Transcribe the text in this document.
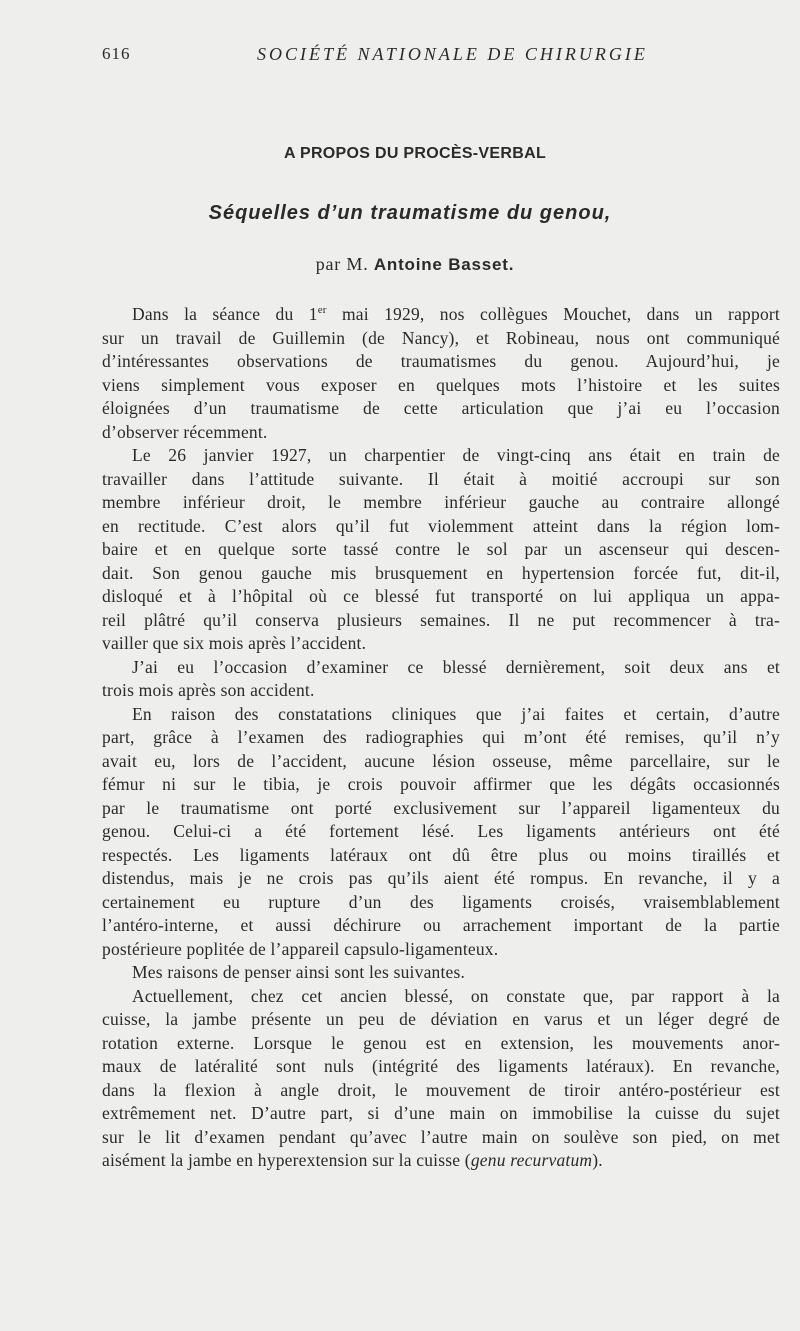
616	SOCIÉTÉ NATIONALE DE CHIRURGIE
A PROPOS DU PROCÈS-VERBAL
Séquelles d’un traumatisme du genou,
par M. Antoine Basset.
Dans la séance du 1er mai 1929, nos collègues Mouchet, dans un rapport
sur un travail de Guillemin (de Nancy), et Robineau, nous ont communiqué
d’intéressantes observations de traumatismes du genou. Aujourd’hui, je
viens simplement vous exposer en quelques mots l’histoire et les suites
éloignées d’un traumatisme de cette articulation que j’ai eu l’occasion
d’observer récemment.
Le 26 janvier 1927, un charpentier de vingt-cinq ans était en train de
travailler dans l’attitude suivante. Il était à moitié accroupi sur son
membre inférieur droit, le membre inférieur gauche au contraire allongé
en rectitude. C’est alors qu’il fut violemment atteint dans la région lom-
baire et en quelque sorte tassé contre le sol par un ascenseur qui descen-
dait. Son genou gauche mis brusquement en hypertension forcée fut, dit-il,
disloqué et à l’hôpital où ce blessé fut transporté on lui appliqua un appa-
reil plâtré qu’il conserva plusieurs semaines. Il ne put recommencer à tra-
vailler que six mois après l’accident.
J’ai eu l’occasion d’examiner ce blessé dernièrement, soit deux ans et
trois mois après son accident.
En raison des constatations cliniques que j’ai faites et certain, d’autre
part, grâce à l’examen des radiographies qui m’ont été remises, qu’il n’y
avait eu, lors de l’accident, aucune lésion osseuse, même parcellaire, sur le
fémur ni sur le tibia, je crois pouvoir affirmer que les dégâts occasionnés
par le traumatisme ont porté exclusivement sur l’appareil ligamenteux du
genou. Celui-ci a été fortement lésé. Les ligaments antérieurs ont été
respectés. Les ligaments latéraux ont dû être plus ou moins tiraillés et
distendus, mais je ne crois pas qu’ils aient été rompus. En revanche, il y a
certainement eu rupture d’un des ligaments croisés, vraisemblablement
l’antéro-interne, et aussi déchirure ou arrachement important de la partie
postérieure poplitée de l’appareil capsulo-ligamenteux.
Mes raisons de penser ainsi sont les suivantes.
Actuellement, chez cet ancien blessé, on constate que, par rapport à la
cuisse, la jambe présente un peu de déviation en varus et un léger degré de
rotation externe. Lorsque le genou est en extension, les mouvements anor-
maux de latéralité sont nuls (intégrité des ligaments latéraux). En revanche,
dans la flexion à angle droit, le mouvement de tiroir antéro-postérieur est
extrêmement net. D’autre part, si d’une main on immobilise la cuisse du sujet
sur le lit d’examen pendant qu’avec l’autre main on soulève son pied, on met
aisément la jambe en hyperextension sur la cuisse (genu recurvatum).
